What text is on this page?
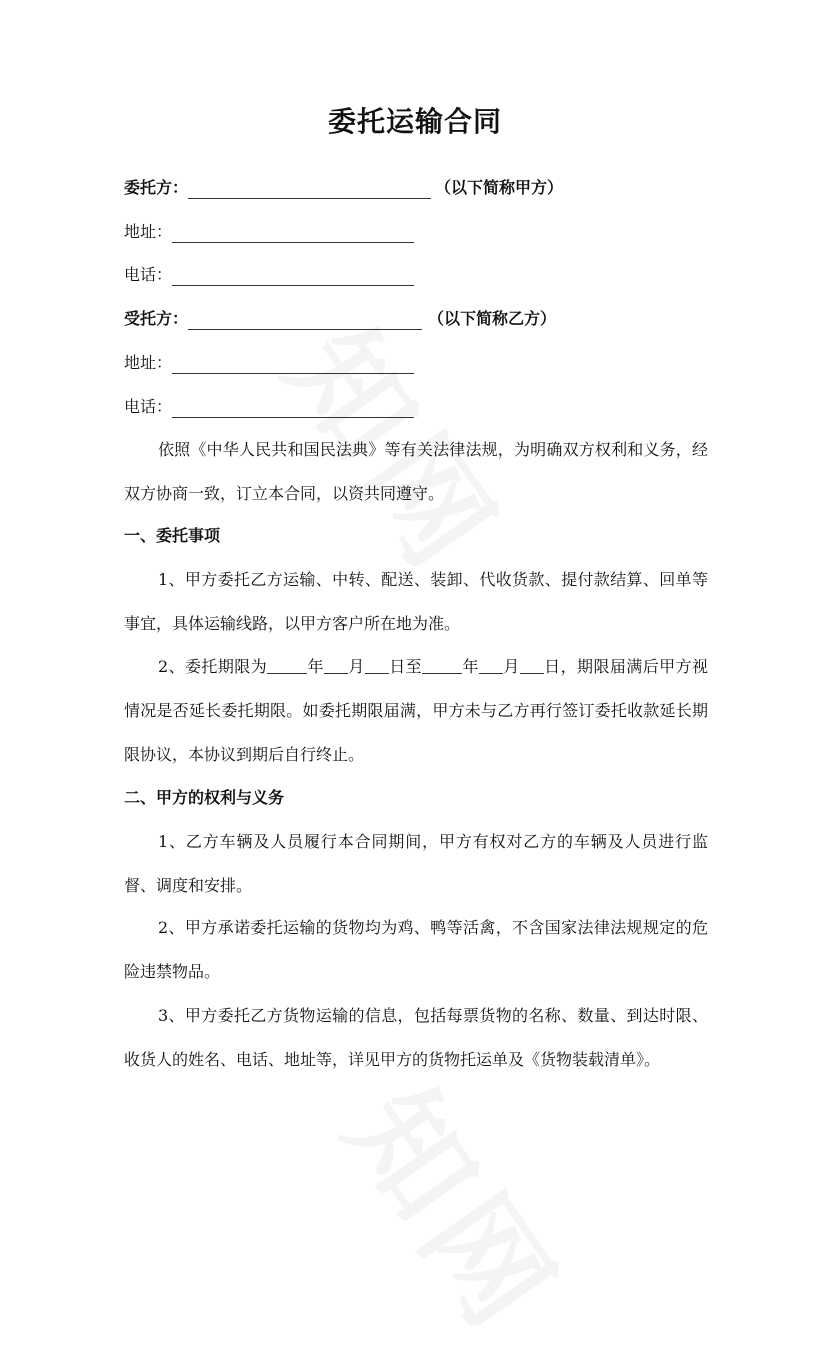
委托运输合同
委托方：	（以下简称甲方）
地址：
电话：
受托方：	（以下简称乙方）
地址：
电话：
依照《中华人民共和国民法典》等有关法律法规，为明确双方权利和义务，经双方协商一致，订立本合同，以资共同遵守。
一、委托事项
1、甲方委托乙方运输、中转、配送、装卸、代收货款、提付款结算、回单等事宜，具体运输线路，以甲方客户所在地为准。
2、委托期限为	年 月 日至	年 月 日，期限届满后甲方视情况是否延长委托期限。如委托期限届满，甲方未与乙方再行签订委托收款延长期限协议，本协议到期后自行终止。
二、甲方的权利与义务
1、乙方车辆及人员履行本合同期间，甲方有权对乙方的车辆及人员进行监督、调度和安排。
2、甲方承诺委托运输的货物均为鸡、鸭等活禽，不含国家法律法规规定的危险违禁物品。
3、甲方委托乙方货物运输的信息，包括每票货物的名称、数量、到达时限、收货人的姓名、电话、地址等，详见甲方的货物托运单及《货物装载清单》。
